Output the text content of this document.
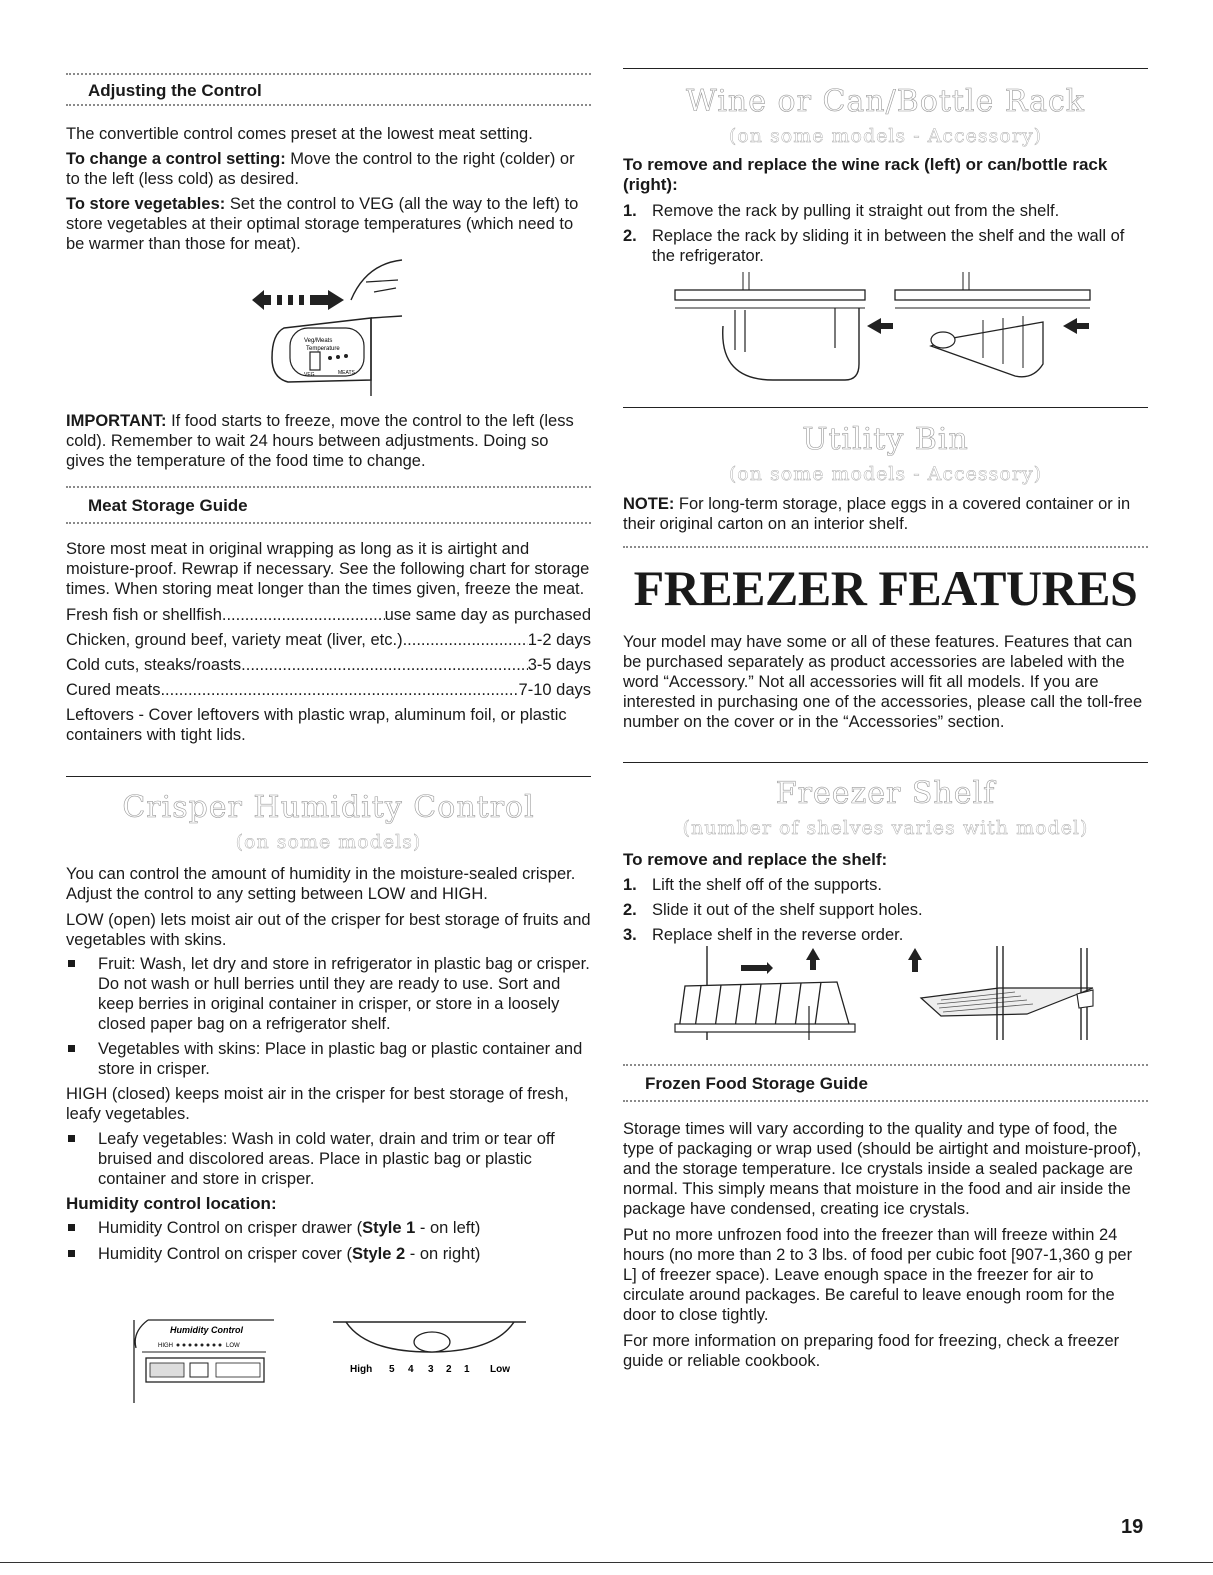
Adjusting the Control

The convertible control comes preset at the lowest meat setting.

To change a control setting: Move the control to the right (colder) or to the left (less cold) as desired.

To store vegetables: Set the control to VEG (all the way to the left) to store vegetables at their optimal storage temperatures (which need to be warmer than those for meat).

Veg/Meats
Temperature
VEG	MEATS

IMPORTANT: If food starts to freeze, move the control to the left (less cold). Remember to wait 24 hours between adjustments. Doing so gives the temperature of the food time to change.

Meat Storage Guide

Store most meat in original wrapping as long as it is airtight and moisture-proof. Rewrap if necessary. See the following chart for storage times. When storing meat longer than the times given, freeze the meat.

Fresh fish or shellfish .....	use same day as purchased
Chicken, ground beef, variety meat (liver, etc.) .....	1-2 days
Cold cuts, steaks/roasts .....	3-5 days
Cured meats .....	7-10 days

Leftovers - Cover leftovers with plastic wrap, aluminum foil, or plastic containers with tight lids.

Crisper Humidity Control
(on some models)

You can control the amount of humidity in the moisture-sealed crisper. Adjust the control to any setting between LOW and HIGH.

LOW (open) lets moist air out of the crisper for best storage of fruits and vegetables with skins.

Fruit: Wash, let dry and store in refrigerator in plastic bag or crisper. Do not wash or hull berries until they are ready to use. Sort and keep berries in original container in crisper, or store in a loosely closed paper bag on a refrigerator shelf.
Vegetables with skins: Place in plastic bag or plastic container and store in crisper.

HIGH (closed) keeps moist air in the crisper for best storage of fresh, leafy vegetables.

Leafy vegetables: Wash in cold water, drain and trim or tear off bruised and discolored areas. Place in plastic bag or plastic container and store in crisper.

Humidity control location:

Humidity Control on crisper drawer (Style 1 - on left)
Humidity Control on crisper cover (Style 2 - on right)
Humidity Control
HIGH	LOW
High 5 4 3 2 1 Low
Wine or Can/Bottle Rack
(on some models - Accessory)

To remove and replace the wine rack (left) or can/bottle rack (right):

1. Remove the rack by pulling it straight out from the shelf.
2. Replace the rack by sliding it in between the shelf and the wall of the refrigerator.
Utility Bin
(on some models - Accessory)

NOTE: For long-term storage, place eggs in a covered container or in their original carton on an interior shelf.

FREEZER FEATURES

Your model may have some or all of these features. Features that can be purchased separately as product accessories are labeled with the word “Accessory.” Not all accessories will fit all models. If you are interested in purchasing one of the accessories, please call the toll-free number on the cover or in the “Accessories” section.

Freezer Shelf
(number of shelves varies with model)

To remove and replace the shelf:

1. Lift the shelf off of the supports.
2. Slide it out of the shelf support holes.
3. Replace shelf in the reverse order.
Frozen Food Storage Guide

Storage times will vary according to the quality and type of food, the type of packaging or wrap used (should be airtight and moisture-proof), and the storage temperature. Ice crystals inside a sealed package are normal. This simply means that moisture in the food and air inside the package have condensed, creating ice crystals.

Put no more unfrozen food into the freezer than will freeze within 24 hours (no more than 2 to 3 lbs. of food per cubic foot [907-1,360 g per L] of freezer space). Leave enough space in the freezer for air to circulate around packages. Be careful to leave enough room for the door to close tightly.

For more information on preparing food for freezing, check a freezer guide or reliable cookbook.

19
